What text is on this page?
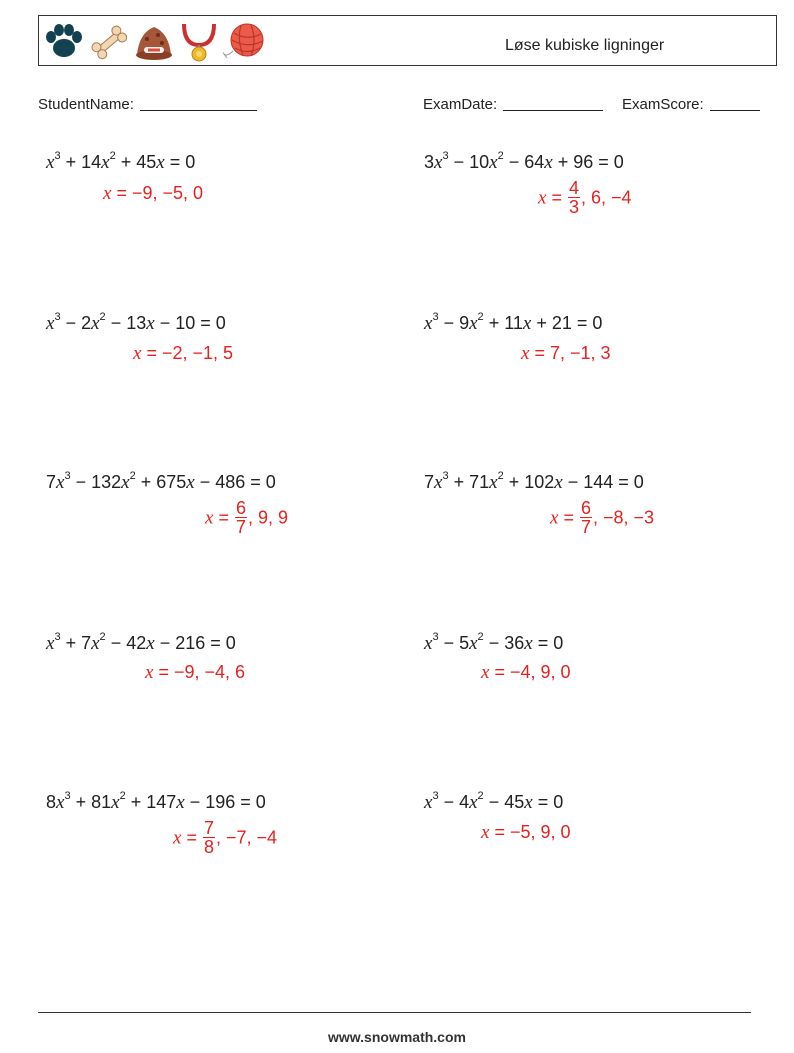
Løse kubiske ligninger
StudentName:	ExamDate:	ExamScore:
$x^3 + 14x^2 + 45x = 0$
x = −9, −5, 0
$3x^3 - 10x^2 - 64x + 96 = 0$
$x = \frac{4}{3}$ , 6, −4
$x^3 - 2x^2 - 13x - 10 = 0$
x = −2, −1, 5
$x^3 - 9x^2 + 11x + 21 = 0$
x = 7, −1, 3
$7x^3 - 132x^2 + 675x - 486 = 0$
$x = \frac{6}{7}$ , 9, 9
$7x^3 + 71x^2 + 102x - 144 = 0$
$x = \frac{6}{7}$ , −8, −3
$x^3 + 7x^2 - 42x - 216 = 0$
x = −9, −4, 6
$x^3 - 5x^2 - 36x = 0$
x = −4, 9, 0
$8x^3 + 81x^2 + 147x - 196 = 0$
$x = \frac{7}{8}$ , −7, −4
$x^3 - 4x^2 - 45x = 0$
x = −5, 9, 0
www.snowmath.com
